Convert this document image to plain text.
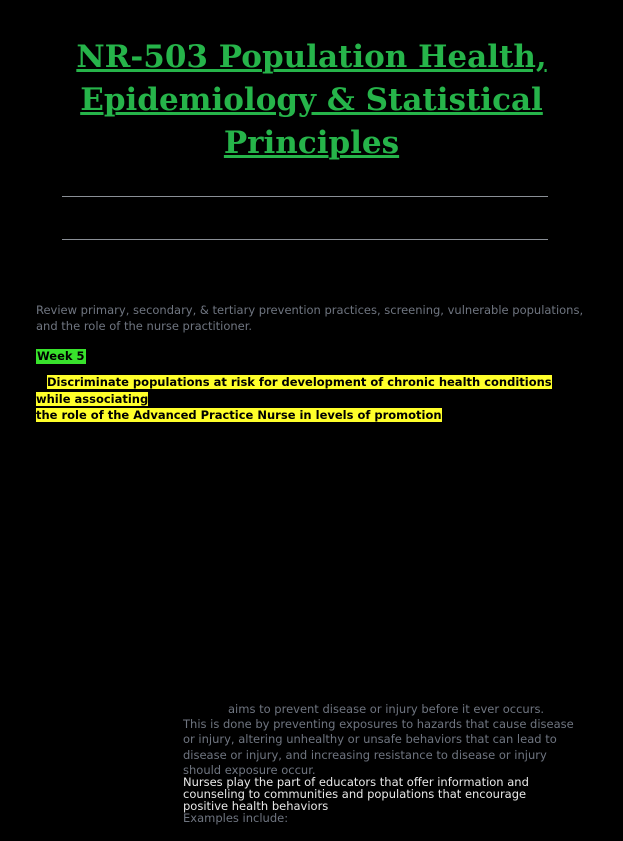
NR-503 Population Health,
Epidemiology & Statistical Principles
Review primary, secondary, & tertiary prevention practices, screening, vulnerable populations, and the role of the nurse practitioner.
Week 5
Discriminate populations at risk for development of chronic health conditions while associating
the role of the Advanced Practice Nurse in levels of promotion
aims to prevent disease or injury before it ever occurs.
This is done by preventing exposures to hazards that cause disease or injury, altering unhealthy or unsafe behaviors that can lead to disease or injury, and increasing resistance to disease or injury should exposure occur.
Nurses play the part of educators that offer information and counseling to communities and populations that encourage positive health behaviors
Examples include:
